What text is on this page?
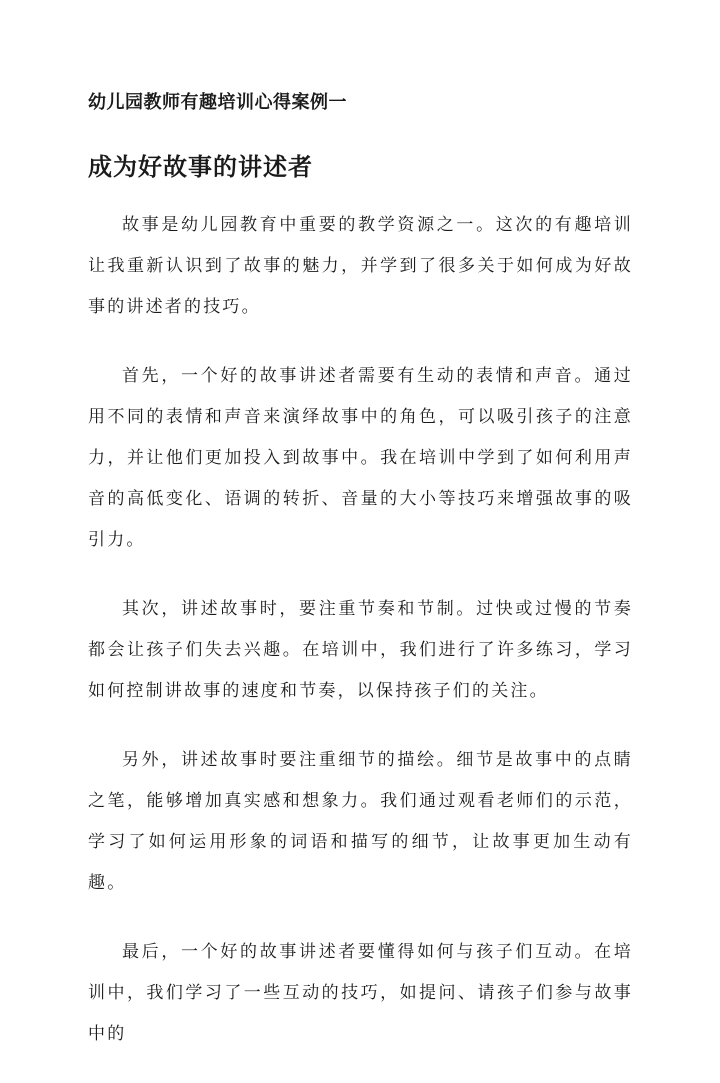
幼儿园教师有趣培训心得案例一
成为好故事的讲述者

故事是幼儿园教育中重要的教学资源之一。这次的有趣培训让我重新认识到了故事的魅力，并学到了很多关于如何成为好故事的讲述者的技巧。

首先，一个好的故事讲述者需要有生动的表情和声音。通过用不同的表情和声音来演绎故事中的角色，可以吸引孩子的注意力，并让他们更加投入到故事中。我在培训中学到了如何利用声音的高低变化、语调的转折、音量的大小等技巧来增强故事的吸引力。

其次，讲述故事时，要注重节奏和节制。过快或过慢的节奏都会让孩子们失去兴趣。在培训中，我们进行了许多练习，学习如何控制讲故事的速度和节奏，以保持孩子们的关注。

另外，讲述故事时要注重细节的描绘。细节是故事中的点睛之笔，能够增加真实感和想象力。我们通过观看老师们的示范，学习了如何运用形象的词语和描写的细节，让故事更加生动有趣。

最后，一个好的故事讲述者要懂得如何与孩子们互动。在培训中，我们学习了一些互动的技巧，如提问、请孩子们参与故事中的
